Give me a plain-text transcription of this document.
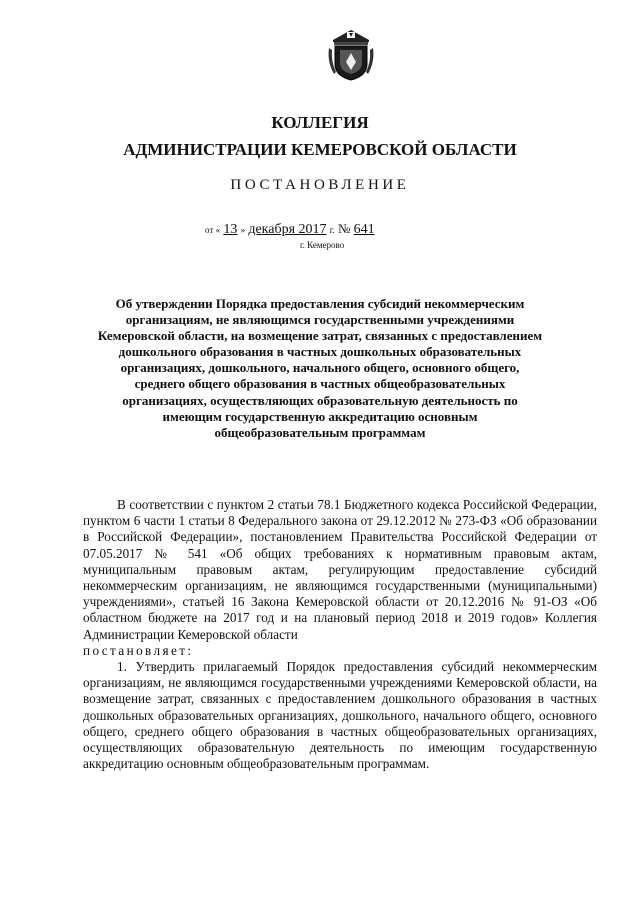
КОЛЛЕГИЯ
АДМИНИСТРАЦИИ КЕМЕРОВСКОЙ ОБЛАСТИ
ПОСТАНОВЛЕНИЕ
от « 13 » декабря 2017 г. № 641
г. Кемерово
Об утверждении Порядка предоставления субсидий некоммерческим организациям, не являющимся государственными учреждениями Кемеровской области, на возмещение затрат, связанных с предоставлением дошкольного образования в частных дошкольных образовательных организациях, дошкольного, начального общего, основного общего, среднего общего образования в частных общеобразовательных организациях, осуществляющих образовательную деятельность по имеющим государственную аккредитацию основным общеобразовательным программам

В соответствии с пунктом 2 статьи 78.1 Бюджетного кодекса Российской Федерации, пунктом 6 части 1 статьи 8 Федерального закона от 29.12.2012 № 273-ФЗ «Об образовании в Российской Федерации», постановлением Правительства Российской Федерации от 07.05.2017 № 541 «Об общих требованиях к нормативным правовым актам, муниципальным правовым актам, регулирующим предоставление субсидий некоммерческим организациям, не являющимся государственными (муниципальными) учреждениями», статьей 16 Закона Кемеровской области от 20.12.2016 № 91-ОЗ «Об областном бюджете на 2017 год и на плановый период 2018 и 2019 годов» Коллегия Администрации Кемеровской области

постановляет:

1. Утвердить прилагаемый Порядок предоставления субсидий некоммерческим организациям, не являющимся государственными учреждениями Кемеровской области, на возмещение затрат, связанных с предоставлением дошкольного образования в частных дошкольных образовательных организациях, дошкольного, начального общего, основного общего, среднего общего образования в частных общеобразовательных организациях, осуществляющих образовательную деятельность по имеющим государственную аккредитацию основным общеобразовательным программам.
